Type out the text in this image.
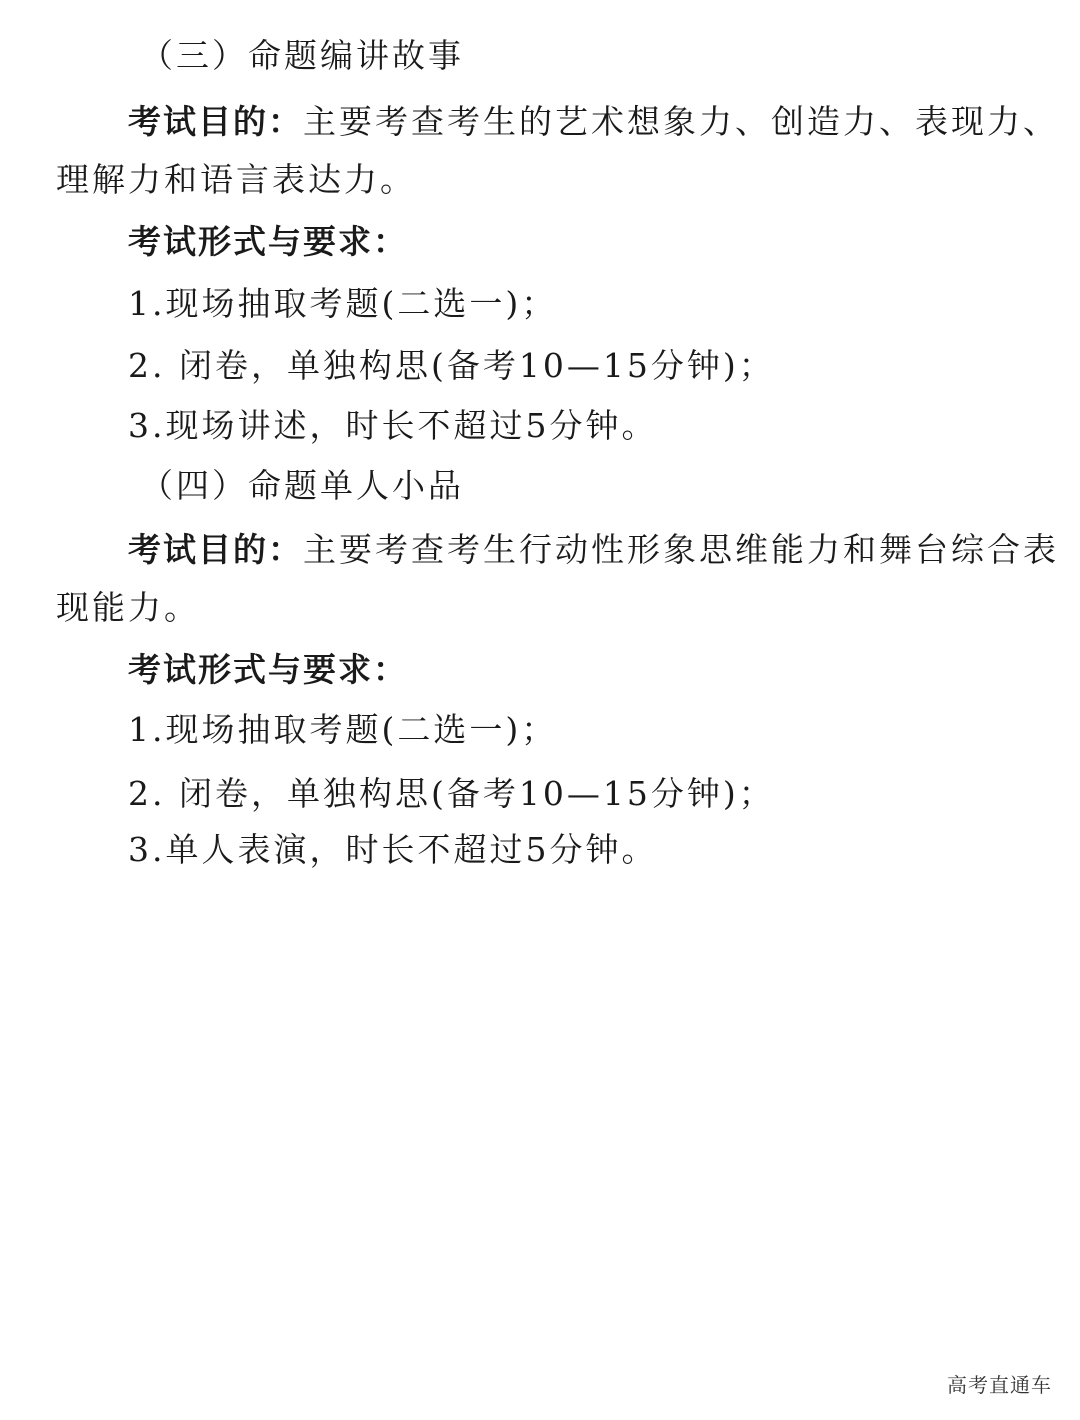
（三）命题编讲故事
考试目的：主要考查考生的艺术想象力、创造力、表现力、
理解力和语言表达力。
考试形式与要求：
1.现场抽取考题(二选一)；
2. 闭卷，单独构思(备考10—15分钟)；
3.现场讲述，时长不超过5分钟。
（四）命题单人小品
考试目的：主要考查考生行动性形象思维能力和舞台综合表
现能力。
考试形式与要求：
1.现场抽取考题(二选一)；
2. 闭卷，单独构思(备考10—15分钟)；
3.单人表演，时长不超过5分钟。
高考直通车
